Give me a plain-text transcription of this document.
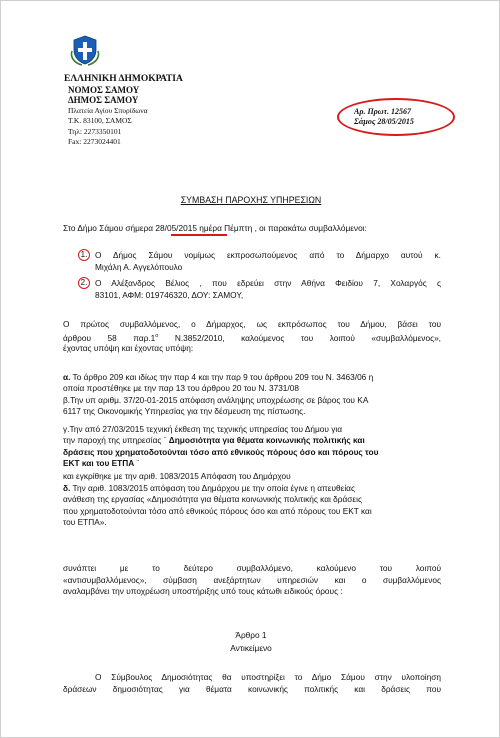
ΕΛΛΗΝΙΚΗ ΔΗΜΟΚΡΑΤΙΑ
ΝΟΜΟΣ ΣΑΜΟΥ
ΔΗΜΟΣ ΣΑΜΟΥ
Πλατεία Αγίου Σπυρίδωνα
Τ.Κ. 83100, ΣΑΜΟΣ
Τηλ: 2273350101
Fax: 2273024401
Αρ. Πρωτ. 12567
Σάμος 28/05/2015
ΣΥΜΒΑΣΗ ΠΑΡΟΧΗΣ ΥΠΗΡΕΣΙΩΝ
Στο Δήμο Σάμου σήμερα 28/05/2015 ημέρα Πέμπτη , οι παρακάτω συμβαλλόμενοι:
1. Ο Δήμος Σάμου νομίμως εκπροσωπούμενος από το Δήμαρχο αυτού κ.
Μιχάλη Α. Αγγελόπουλο
2. Ο Αλέξανδρος Βέλιος , που εδρεύει στην Αθήνα Φειδίου 7, Χολαργός ς
83101, ΑΦΜ: 019746320, ΔΟΥ: ΣΑΜΟΥ,
Ο πρώτος συμβαλλόμενος, ο Δήμαρχος, ως εκπρόσωπος του Δήμου, βάσει του
άρθρου 58 $\pi\alpha\rho.1^o$ Ν.3852/2010, καλούμενος του λοιπού «συμβαλλόμενος»,
έχοντας υπόψη και έχοντας υπόψη:
α. Το άρθρο 209 και ιδίως την παρ 4 και την παρ 9 του άρθρου 209 του Ν. 3463/06 η
οποία προστέθηκε με την παρ 13 του άρθρου 20 του Ν. 3731/08
β.Την υπ αριθμ. 37/20-01-2015 απόφαση ανάληψης υποχρέωσης σε βάρος του ΚΑ
6117 της Οικονομικής Υπηρεσίας για την δέσμευση της πίστωσης.
γ.Την από 27/03/2015 τεχνική έκθεση της τεχνικής υπηρεσίας του Δήμου για
την παροχή της υπηρεσίας ¨ Δημοσιότητα για θέματα κοινωνικής πολιτικής και
δράσεις που χρηματοδοτούνται τόσο από εθνικούς πόρους όσο και πόρους του
ΕΚΤ και του ΕΤΠΑ ¨
και εγκρίθηκε με την αριθ. 1083/2015 Απόφαση του Δημάρχου
δ. Την αριθ. 1083/2015 απόφαση του Δημάρχου με την οποία έγινε η απευθείας
ανάθεση της εργασίας «Δημοσιότητα για θέματα κοινωνικής πολιτικής και δράσεις
που χρηματοδοτούνται τόσο από εθνικούς πόρους όσο και από πόρους του ΕΚΤ και
του ΕΤΠΑ».
συνάπτει με το δεύτερο συμβαλλόμενο, καλούμενο του λοιπού
«αντισυμβαλλόμενος», σύμβαση ανεξάρτητων υπηρεσιών και ο συμβαλλόμενος
αναλαμβάνει την υποχρέωση υποστήριξης υπό τους κάτωθι ειδικούς όρους :
Άρθρο 1
Αντικείμενο
Ο Σύμβουλος Δημοσιότητας θα υποστηρίξει το Δήμο Σάμου στην υλοποίηση
δράσεων δημοσιότητας για θέματα κοινωνικής πολιτικής και δράσεις που
